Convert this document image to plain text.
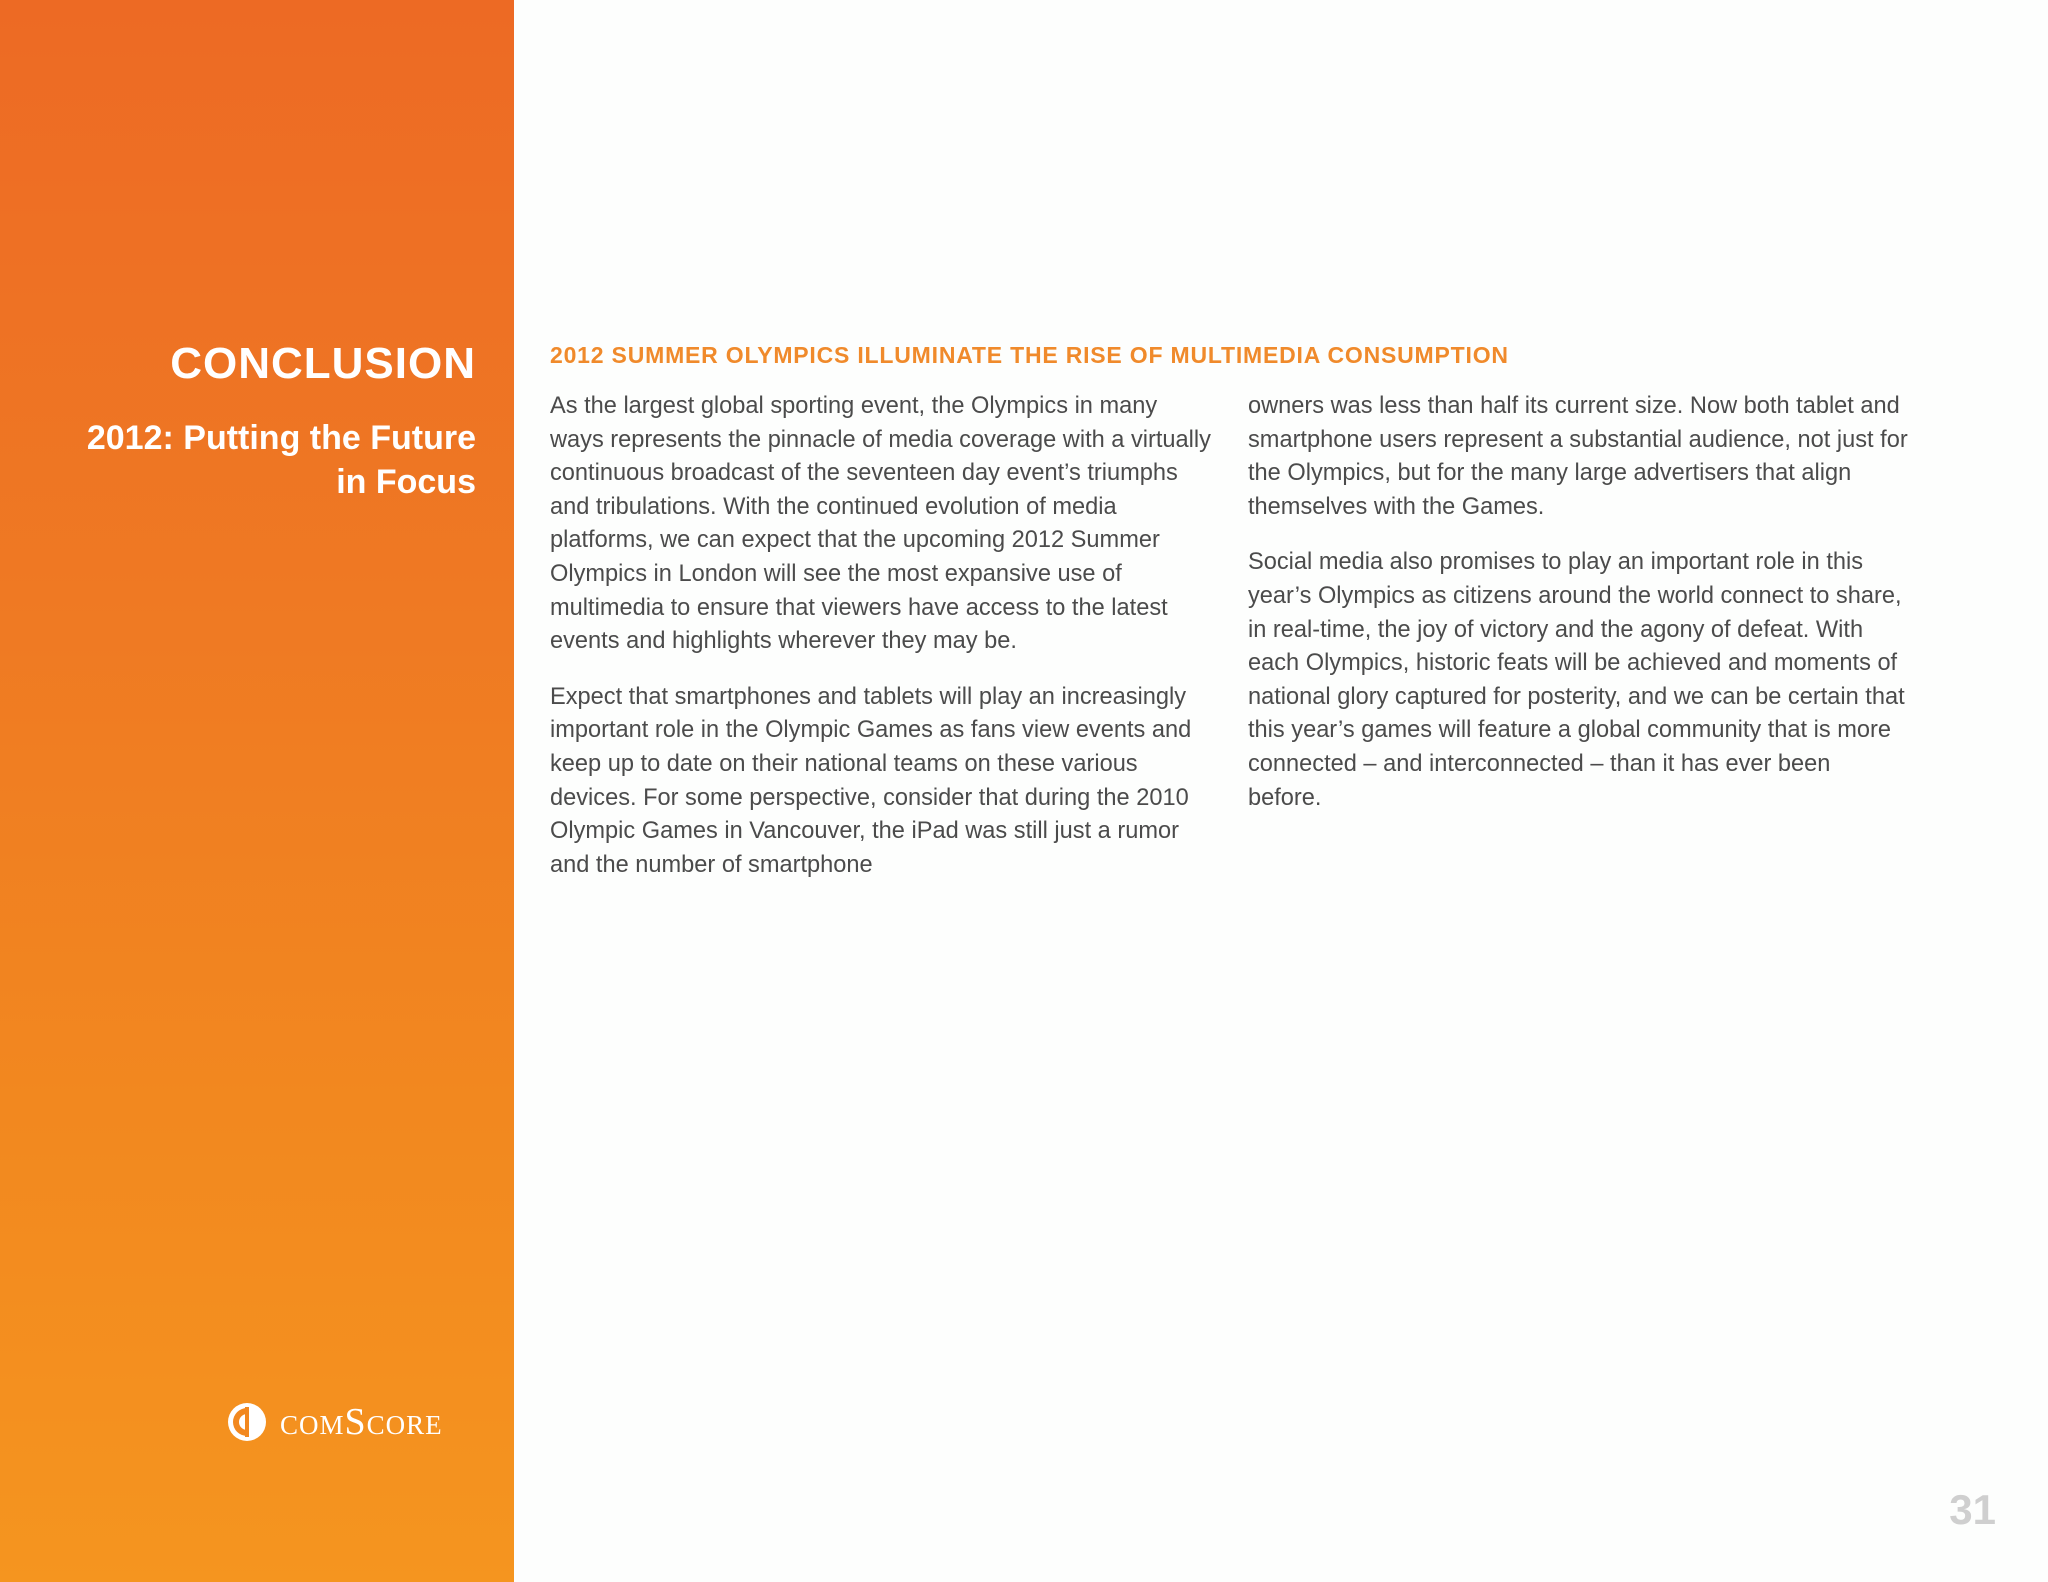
CONCLUSION
2012: Putting the Future in Focus
comScore
2012 SUMMER OLYMPICS ILLUMINATE THE RISE OF MULTIMEDIA CONSUMPTION

As the largest global sporting event, the Olympics in many ways represents the pinnacle of media coverage with a virtually continuous broadcast of the seventeen day event’s triumphs and tribulations. With the continued evolution of media platforms, we can expect that the upcoming 2012 Summer Olympics in London will see the most expansive use of multimedia to ensure that viewers have access to the latest events and highlights wherever they may be.

Expect that smartphones and tablets will play an increasingly important role in the Olympic Games as fans view events and keep up to date on their national teams on these various devices. For some perspective, consider that during the 2010 Olympic Games in Vancouver, the iPad was still just a rumor and the number of smartphone

owners was less than half its current size. Now both tablet and smartphone users represent a substantial audience, not just for the Olympics, but for the many large advertisers that align themselves with the Games.

Social media also promises to play an important role in this year’s Olympics as citizens around the world connect to share, in real-time, the joy of victory and the agony of defeat. With each Olympics, historic feats will be achieved and moments of national glory captured for posterity, and we can be certain that this year’s games will feature a global community that is more connected – and interconnected – than it has ever been before.

31
